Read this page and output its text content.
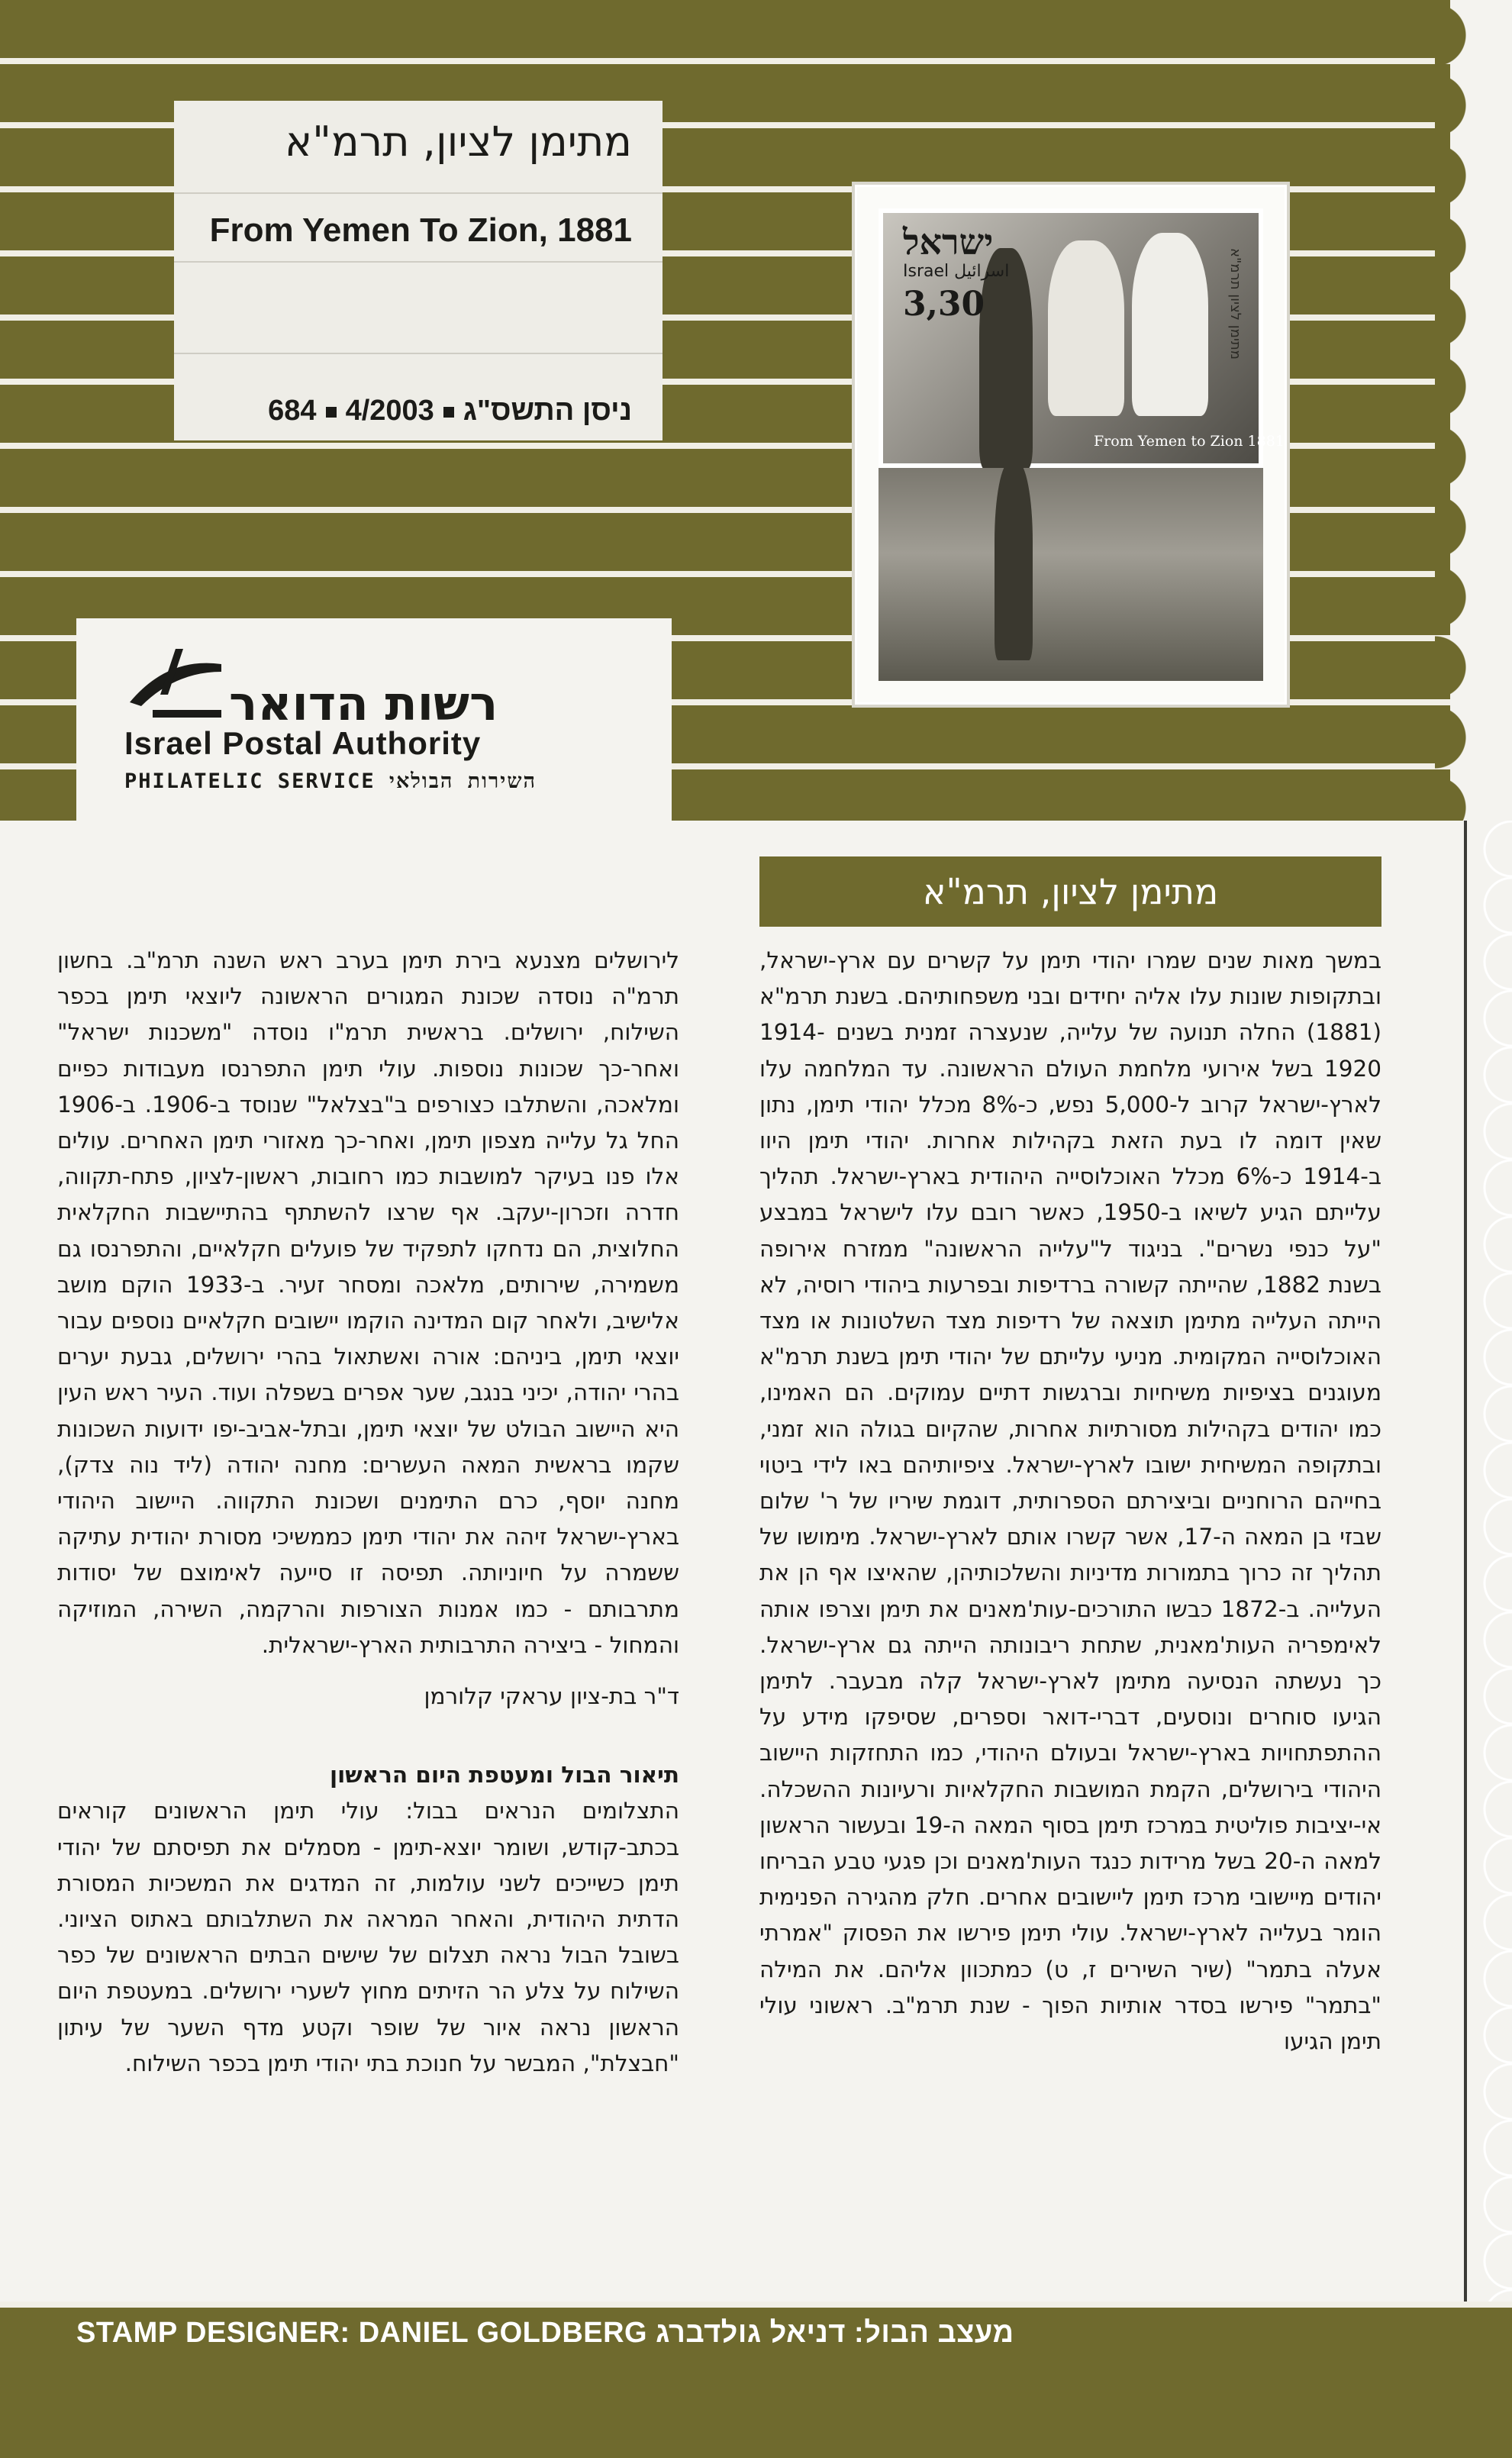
מתימן לציון, תרמ"א
From Yemen To Zion, 1881
ניסן התשס"ג4/2003684
ישראל
Israel اسرائيل
3,30
From Yemen to Zion 1881
מתימן לציון תרמ"א
רשות הדואר
Israel Postal Authority
PHILATELIC SERVICE השירות הבולאי
מתימן לציון, תרמ"א

במשך מאות שנים שמרו יהודי תימן על קשרים עם ארץ-ישראל, ובתקופות שונות עלו אליה יחידים ובני משפחותיהם. בשנת תרמ"א (1881) החלה תנועה של עלייה, שנעצרה זמנית בשנים 1914-1920 בשל אירועי מלחמת העולם הראשונה. עד המלחמה עלו לארץ-ישראל קרוב ל-5,000 נפש, כ-8% מכלל יהודי תימן, נתון שאין דומה לו בעת הזאת בקהילות אחרות. יהודי תימן היוו ב-1914 כ-6% מכלל האוכלוסייה היהודית בארץ-ישראל. תהליך עלייתם הגיע לשיאו ב-1950, כאשר רובם עלו לישראל במבצע "על כנפי נשרים". בניגוד ל"עלייה הראשונה" ממזרח אירופה בשנת 1882, שהייתה קשורה ברדיפות ובפרעות ביהודי רוסיה, לא הייתה העלייה מתימן תוצאה של רדיפות מצד השלטונות או מצד האוכלוסייה המקומית. מניעי עלייתם של יהודי תימן בשנת תרמ"א מעוגנים בציפיות משיחיות וברגשות דתיים עמוקים. הם האמינו, כמו יהודים בקהילות מסורתיות אחרות, שהקיום בגולה הוא זמני, ובתקופה המשיחית ישובו לארץ-ישראל. ציפיותיהם באו לידי ביטוי בחייהם הרוחניים וביצירתם הספרותית, דוגמת שיריו של ר' שלום שבזי בן המאה ה-17, אשר קשרו אותם לארץ-ישראל. מימושו של תהליך זה כרוך בתמורות מדיניות והשלכותיהן, שהאיצו אף הן את העלייה. ב-1872 כבשו התורכים-עות'מאנים את תימן וצרפו אותה לאימפריה העות'מאנית, שתחת ריבונותה הייתה גם ארץ-ישראל. כך נעשתה הנסיעה מתימן לארץ-ישראל קלה מבעבר. לתימן הגיעו סוחרים ונוסעים, דברי-דואר וספרים, שסיפקו מידע על ההתפתחויות בארץ-ישראל ובעולם היהודי, כמו התחזקות היישוב היהודי בירושלים, הקמת המושבות החקלאיות ורעיונות ההשכלה. אי-יציבות פוליטית במרכז תימן בסוף המאה ה-19 ובעשור הראשון למאה ה-20 בשל מרידות כנגד העות'מאנים וכן פגעי טבע הבריחו יהודים מיישובי מרכז תימן ליישובים אחרים. חלק מהגירה הפנימית הומר בעלייה לארץ-ישראל. עולי תימן פירשו את הפסוק "אמרתי אעלה בתמר" (שיר השירים ז, ט) כמתכוון אליהם. את המילה "בתמר" פירשו בסדר אותיות הפוך - שנת תרמ"ב. ראשוני עולי תימן הגיעו

לירושלים מצנעא בירת תימן בערב ראש השנה תרמ"ב. בחשון תרמ"ה נוסדה שכונת המגורים הראשונה ליוצאי תימן בכפר השילוח, ירושלים. בראשית תרמ"ו נוסדה "משכנות ישראל" ואחר-כך שכונות נוספות. עולי תימן התפרנסו מעבודות כפיים ומלאכה, והשתלבו כצורפים ב"בצלאל" שנוסד ב-1906. ב-1906 החל גל עלייה מצפון תימן, ואחר-כך מאזורי תימן האחרים. עולים אלו פנו בעיקר למושבות כמו רחובות, ראשון-לציון, פתח-תקווה, חדרה וזכרון-יעקב. אף שרצו להשתתף בהתיישבות החקלאית החלוצית, הם נדחקו לתפקיד של פועלים חקלאיים, והתפרנסו גם משמירה, שירותים, מלאכה ומסחר זעיר. ב-1933 הוקם מושב אלישיב, ולאחר קום המדינה הוקמו יישובים חקלאיים נוספים עבור יוצאי תימן, ביניהם: אורה ואשתאול בהרי ירושלים, גבעת יערים בהרי יהודה, יכיני בנגב, שער אפרים בשפלה ועוד. העיר ראש העין היא היישוב הבולט של יוצאי תימן, ובתל-אביב-יפו ידועות השכונות שקמו בראשית המאה העשרים: מחנה יהודה (ליד נוה צדק), מחנה יוסף, כרם התימנים ושכונת התקווה. היישוב היהודי בארץ-ישראל זיהה את יהודי תימן כממשיכי מסורת יהודית עתיקה ששמרה על חיוניותה. תפיסה זו סייעה לאימוצם של יסודות מתרבותם - כמו אמנות הצורפות והרקמה, השירה, המוזיקה והמחול - ביצירה התרבותית הארץ-ישראלית.

ד"ר בת-ציון עראקי קלורמן

תיאור הבול ומעטפת היום הראשון

התצלומים הנראים בבול: עולי תימן הראשונים קוראים בכתב-קודש, ושומר יוצא-תימן - מסמלים את תפיסתם של יהודי תימן כשייכים לשני עולמות, זה המדגים את המשכיות המסורת הדתית היהודית, והאחר המראה את השתלבותם באתוס הציוני. בשובל הבול נראה תצלום של שישים הבתים הראשונים של כפר השילוח על צלע הר הזיתים מחוץ לשערי ירושלים. במעטפת היום הראשון נראה איור של שופר וקטע מדף השער של עיתון "חבצלת", המבשר על חנוכת בתי יהודי תימן בכפר השילוח.

STAMP DESIGNER: DANIEL GOLDBERG מעצב הבול: דניאל גולדברג
